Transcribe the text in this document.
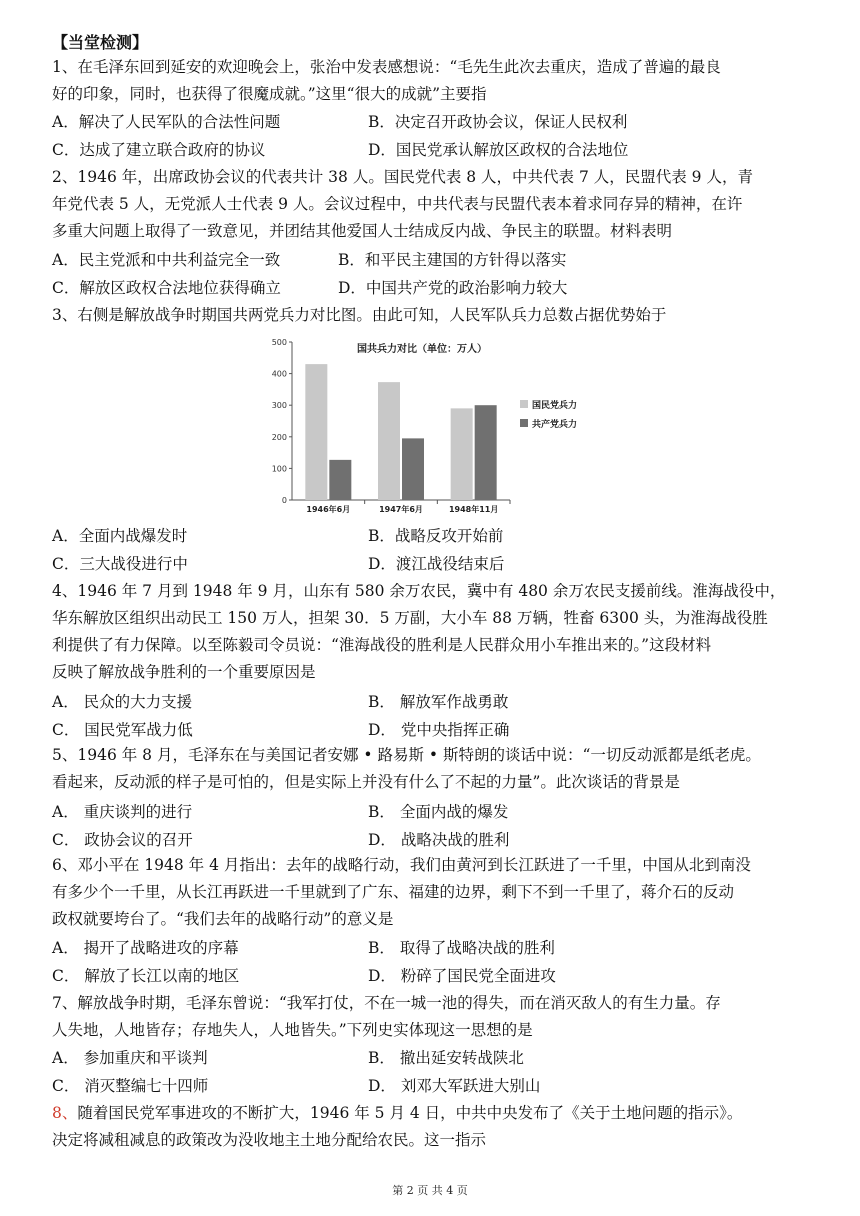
【当堂检测】
1、在毛泽东回到延安的欢迎晚会上，张治中发表感想说：“毛先生此次去重庆，造成了普遍的最良
好的印象，同时，也获得了很魔成就。”这里“很大的成就”主要指
A．解决了人民军队的合法性问题	B．决定召开政协会议，保证人民权利
C．达成了建立联合政府的协议	D．国民党承认解放区政权的合法地位
2、1946 年，出席政协会议的代表共计 38 人。国民党代表 8 人，中共代表 7 人，民盟代表 9 人，青
年党代表 5 人，无党派人士代表 9 人。会议过程中，中共代表与民盟代表本着求同存异的精神，在许
多重大问题上取得了一致意见，并团结其他爱国人士结成反内战、争民主的联盟。材料表明
A．民主党派和中共利益完全一致	B．和平民主建国的方针得以落实
C．解放区政权合法地位获得确立	D．中国共产党的政治影响力较大
3、右侧是解放战争时期国共两党兵力对比图。由此可知，人民军队兵力总数占据优势始于
0
100
200
300
400
500
国共兵力对比（单位：万人）
1946年6月	1947年6月	1948年11月
国民党兵力
共产党兵力
A．全面内战爆发时	B．战略反攻开始前
C．三大战役进行中	D．渡江战役结束后
4、1946 年 7 月到 1948 年 9 月，山东有 580 余万农民，冀中有 480 余万农民支援前线。淮海战役中，
华东解放区组织出动民工 150 万人，担架 30．5 万副，大小车 88 万辆，牲畜 6300 头，为淮海战役胜
利提供了有力保障。以至陈毅司令员说：“淮海战役的胜利是人民群众用小车推出来的。”这段材料
反映了解放战争胜利的一个重要原因是
A． 民众的大力支援	B． 解放军作战勇敢
C． 国民党军战力低	D． 党中央指挥正确
5、1946 年 8 月，毛泽东在与美国记者安娜 • 路易斯 • 斯特朗的谈话中说：“一切反动派都是纸老虎。
看起来，反动派的样子是可怕的，但是实际上并没有什么了不起的力量”。此次谈话的背景是
A． 重庆谈判的进行	B． 全面内战的爆发
C． 政协会议的召开	D． 战略决战的胜利
6、邓小平在 1948 年 4 月指出：去年的战略行动，我们由黄河到长江跃进了一千里，中国从北到南没
有多少个一千里，从长江再跃进一千里就到了广东、福建的边界，剩下不到一千里了，蒋介石的反动
政权就要垮台了。“我们去年的战略行动”的意义是
A． 揭开了战略进攻的序幕	B． 取得了战略决战的胜利
C． 解放了长江以南的地区	D． 粉碎了国民党全面进攻
7、解放战争时期，毛泽东曾说：“我军打仗，不在一城一池的得失，而在消灭敌人的有生力量。存
人失地，人地皆存；存地失人，人地皆失。”下列史实体现这一思想的是
A． 参加重庆和平谈判	B． 撤出延安转战陕北
C． 消灭整编七十四师	D． 刘邓大军跃进大别山
8、随着国民党军事进攻的不断扩大，1946 年 5 月 4 日，中共中央发布了《关于土地问题的指示》。
决定将减租减息的政策改为没收地主土地分配给农民。这一指示
第 2 页 共 4 页
